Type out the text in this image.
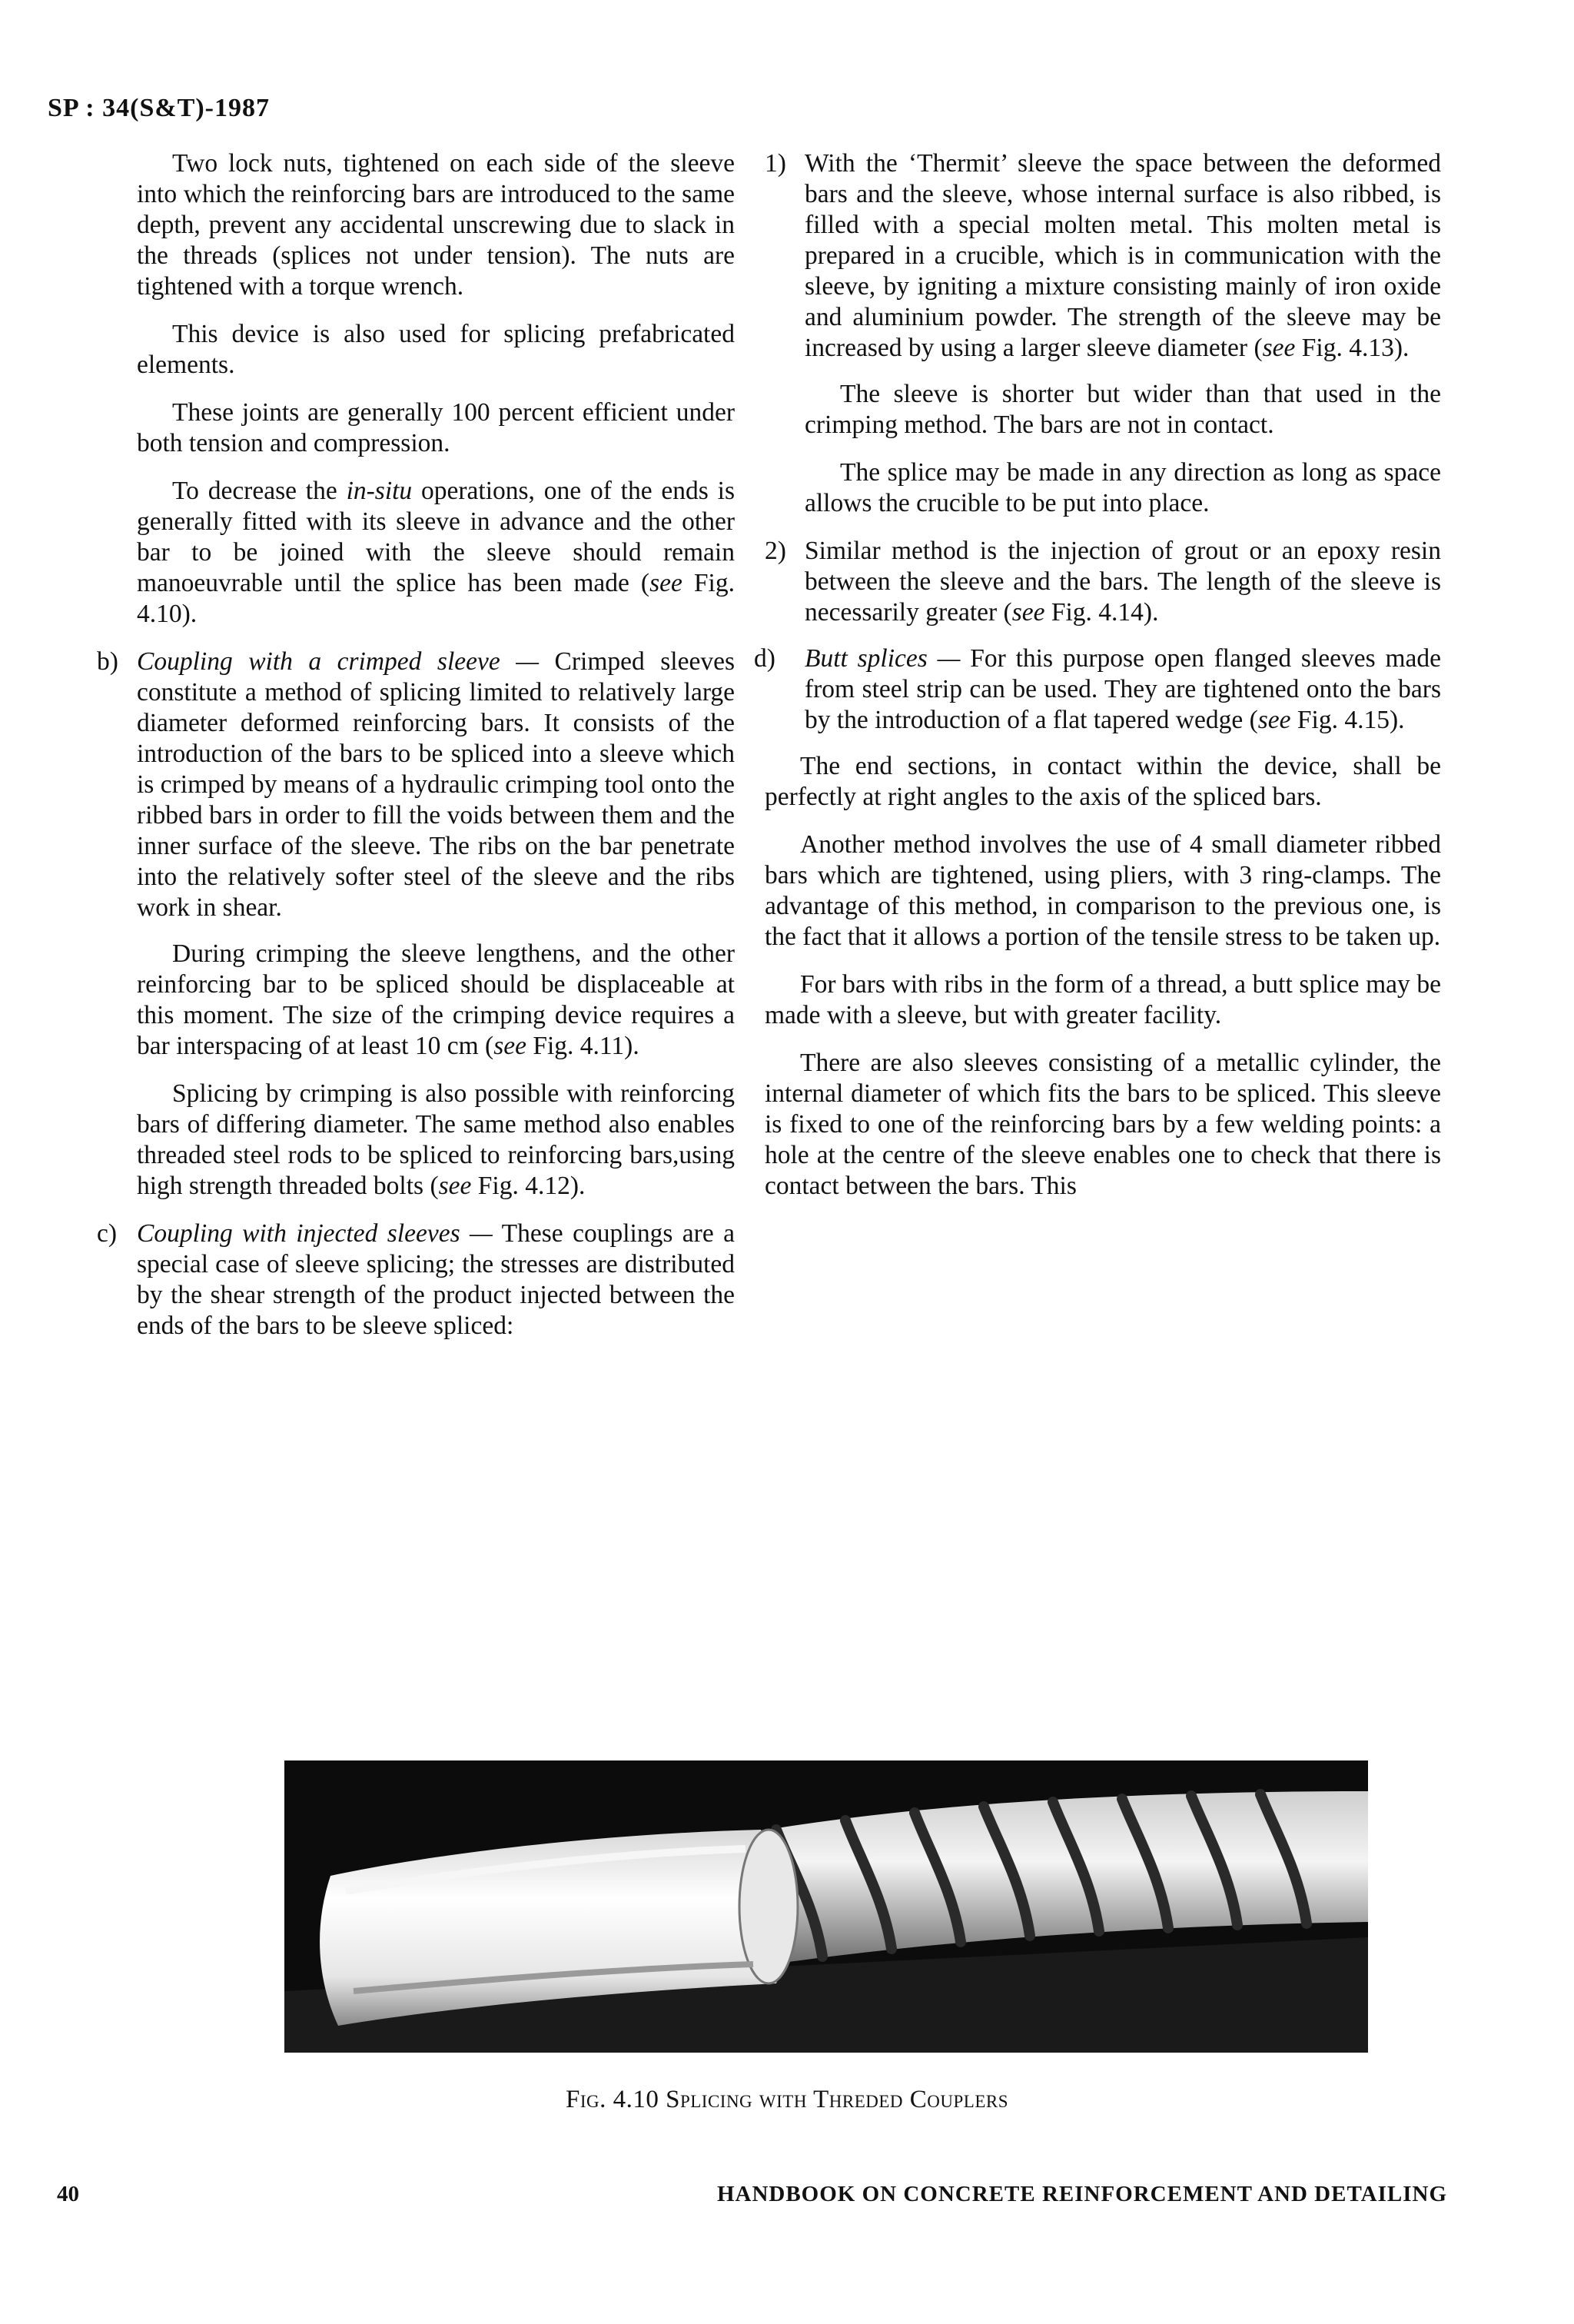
SP : 34(S&T)-1987

Two lock nuts, tightened on each side of the sleeve into which the reinforcing bars are introduced to the same depth, prevent any accidental unscrewing due to slack in the threads (splices not under tension). The nuts are tightened with a torque wrench.

This device is also used for splicing prefabricated elements.

These joints are generally 100 percent efficient under both tension and compression.

To decrease the in-situ operations, one of the ends is generally fitted with its sleeve in advance and the other bar to be joined with the sleeve should remain manoeuvrable until the splice has been made (see Fig. 4.10).

b) Coupling with a crimped sleeve — Crimped sleeves constitute a method of splicing limited to relatively large diameter deformed reinforcing bars. It consists of the introduction of the bars to be spliced into a sleeve which is crimped by means of a hydraulic crimping tool onto the ribbed bars in order to fill the voids between them and the inner surface of the sleeve. The ribs on the bar penetrate into the relatively softer steel of the sleeve and the ribs work in shear.

During crimping the sleeve lengthens, and the other reinforcing bar to be spliced should be displaceable at this moment. The size of the crimping device requires a bar interspacing of at least 10 cm (see Fig. 4.11).

Splicing by crimping is also possible with reinforcing bars of differing diameter. The same method also enables threaded steel rods to be spliced to reinforcing bars,using high strength threaded bolts (see Fig. 4.12).

c) Coupling with injected sleeves — These couplings are a special case of sleeve splicing; the stresses are distributed by the shear strength of the product injected between the ends of the bars to be sleeve spliced:
1) With the ‘Thermit’ sleeve the space between the deformed bars and the sleeve, whose internal surface is also ribbed, is filled with a special molten metal. This molten metal is prepared in a crucible, which is in communication with the sleeve, by igniting a mixture consisting mainly of iron oxide and aluminium powder. The strength of the sleeve may be increased by using a larger sleeve diameter (see Fig. 4.13).

The sleeve is shorter but wider than that used in the crimping method. The bars are not in contact.

The splice may be made in any direction as long as space allows the crucible to be put into place.

2) Similar method is the injection of grout or an epoxy resin between the sleeve and the bars. The length of the sleeve is necessarily greater (see Fig. 4.14).
d) Butt splices — For this purpose open flanged sleeves made from steel strip can be used. They are tightened onto the bars by the introduction of a flat tapered wedge (see Fig. 4.15).

The end sections, in contact within the device, shall be perfectly at right angles to the axis of the spliced bars.

Another method involves the use of 4 small diameter ribbed bars which are tightened, using pliers, with 3 ring-clamps. The advantage of this method, in comparison to the previous one, is the fact that it allows a portion of the tensile stress to be taken up.

For bars with ribs in the form of a thread, a butt splice may be made with a sleeve, but with greater facility.

There are also sleeves consisting of a metallic cylinder, the internal diameter of which fits the bars to be spliced. This sleeve is fixed to one of the reinforcing bars by a few welding points: a hole at the centre of the sleeve enables one to check that there is contact between the bars. This

Fig. 4.10 Splicing with Threded Couplers
40	HANDBOOK ON CONCRETE REINFORCEMENT AND DETAILING
